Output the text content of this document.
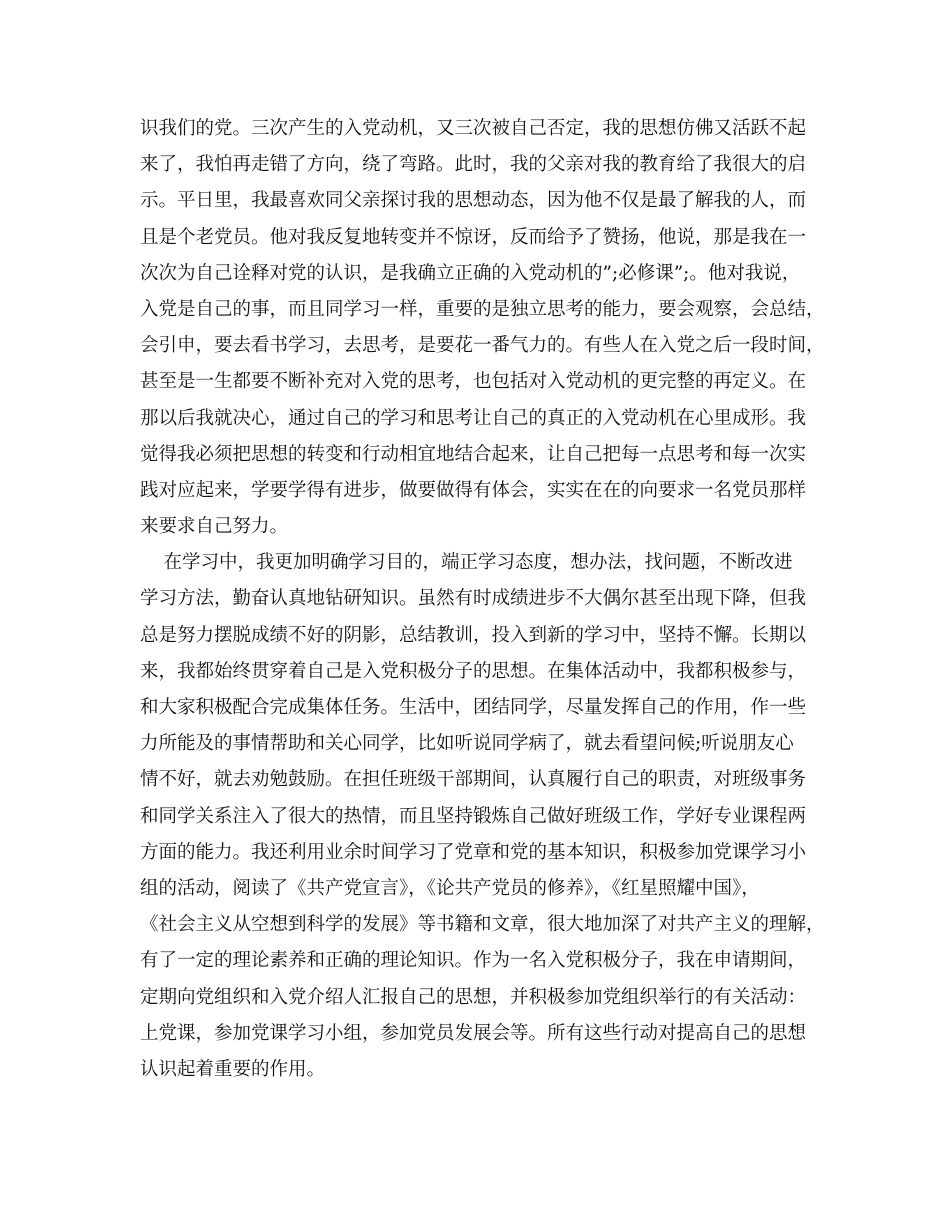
识我们的党。三次产生的入党动机，又三次被自己否定，我的思想仿佛又活跃不起
来了，我怕再走错了方向，绕了弯路。此时，我的父亲对我的教育给了我很大的启
示。平日里，我最喜欢同父亲探讨我的思想动态，因为他不仅是最了解我的人，而
且是个老党员。他对我反复地转变并不惊讶，反而给予了赞扬，他说，那是我在一
次次为自己诠释对党的认识，是我确立正确的入党动机的”;必修课”;。他对我说，
入党是自己的事，而且同学习一样，重要的是独立思考的能力，要会观察，会总结，
会引申，要去看书学习，去思考，是要花一番气力的。有些人在入党之后一段时间，
甚至是一生都要不断补充对入党的思考，也包括对入党动机的更完整的再定义。在
那以后我就决心，通过自己的学习和思考让自己的真正的入党动机在心里成形。我
觉得我必须把思想的转变和行动相宜地结合起来，让自己把每一点思考和每一次实
践对应起来，学要学得有进步，做要做得有体会，实实在在的向要求一名党员那样
来要求自己努力。
在学习中，我更加明确学习目的，端正学习态度，想办法，找问题，不断改进
学习方法，勤奋认真地钻研知识。虽然有时成绩进步不大偶尔甚至出现下降，但我
总是努力摆脱成绩不好的阴影，总结教训，投入到新的学习中，坚持不懈。长期以
来，我都始终贯穿着自己是入党积极分子的思想。在集体活动中，我都积极参与，
和大家积极配合完成集体任务。生活中，团结同学，尽量发挥自己的作用，作一些
力所能及的事情帮助和关心同学，比如听说同学病了，就去看望问候;听说朋友心
情不好，就去劝勉鼓励。在担任班级干部期间，认真履行自己的职责，对班级事务
和同学关系注入了很大的热情，而且坚持锻炼自己做好班级工作，学好专业课程两
方面的能力。我还利用业余时间学习了党章和党的基本知识，积极参加党课学习小
组的活动，阅读了《共产党宣言》，《论共产党员的修养》，《红星照耀中国》，
《社会主义从空想到科学的发展》等书籍和文章，很大地加深了对共产主义的理解，
有了一定的理论素养和正确的理论知识。作为一名入党积极分子，我在申请期间，
定期向党组织和入党介绍人汇报自己的思想，并积极参加党组织举行的有关活动：
上党课，参加党课学习小组，参加党员发展会等。所有这些行动对提高自己的思想
认识起着重要的作用。
